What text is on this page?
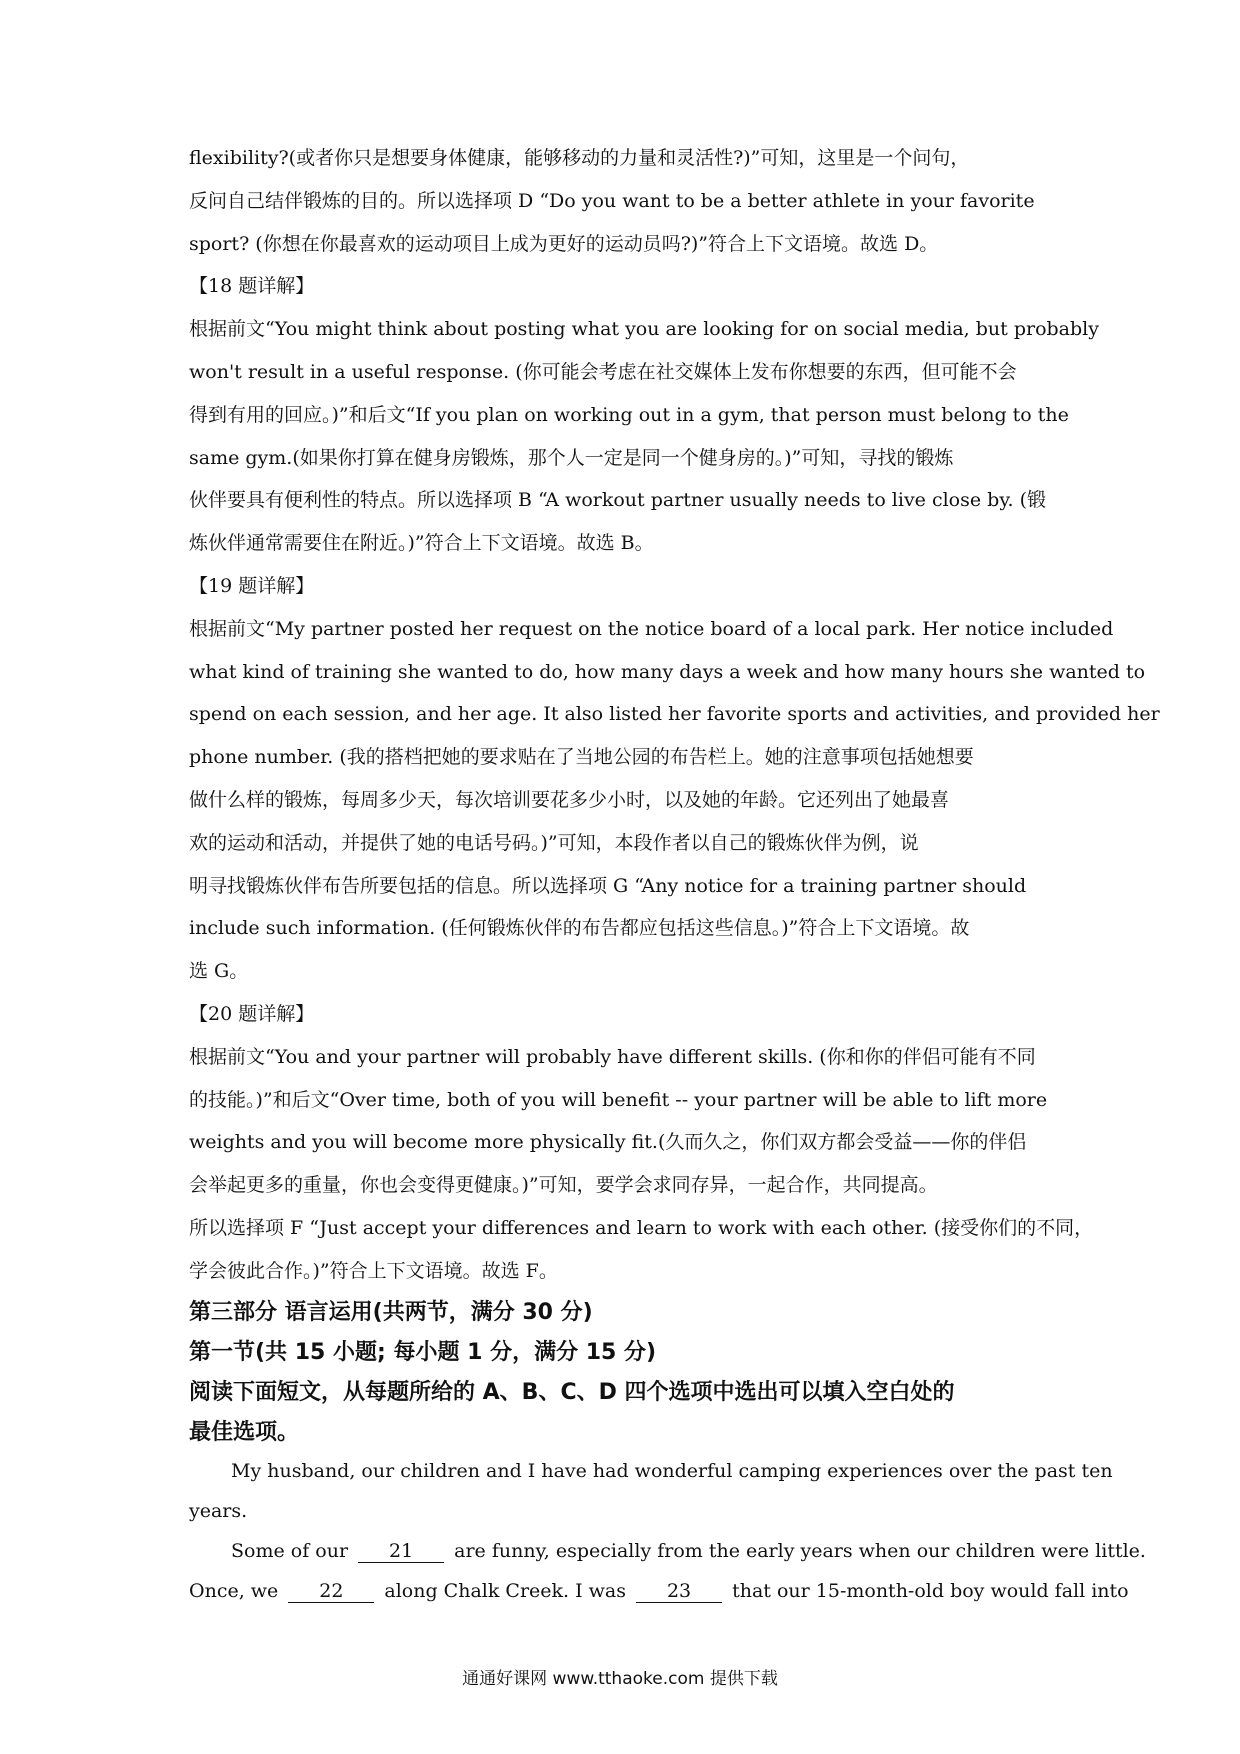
flexibility?(或者你只是想要身体健康，能够移动的力量和灵活性?)”可知，这里是一个问句，
反问自己结伴锻炼的目的。所以选择项 D “Do you want to be a better athlete in your favorite
sport? (你想在你最喜欢的运动项目上成为更好的运动员吗?)”符合上下文语境。故选 D。
【18 题详解】
根据前文“You might think about posting what you are looking for on social media, but probably
won't result in a useful response. (你可能会考虑在社交媒体上发布你想要的东西，但可能不会
得到有用的回应。)”和后文“If you plan on working out in a gym, that person must belong to the
same gym.(如果你打算在健身房锻炼，那个人一定是同一个健身房的。)”可知，寻找的锻炼
伙伴要具有便利性的特点。所以选择项 B “A workout partner usually needs to live close by. (锻
炼伙伴通常需要住在附近。)”符合上下文语境。故选 B。
【19 题详解】
根据前文“My partner posted her request on the notice board of a local park. Her notice included
what kind of training she wanted to do, how many days a week and how many hours she wanted to
spend on each session, and her age. It also listed her favorite sports and activities, and provided her
phone number. (我的搭档把她的要求贴在了当地公园的布告栏上。她的注意事项包括她想要
做什么样的锻炼，每周多少天，每次培训要花多少小时，以及她的年龄。它还列出了她最喜
欢的运动和活动，并提供了她的电话号码。)”可知，本段作者以自己的锻炼伙伴为例，说
明寻找锻炼伙伴布告所要包括的信息。所以选择项 G “Any notice for a training partner should
include such information. (任何锻炼伙伴的布告都应包括这些信息。)”符合上下文语境。故
选 G。
【20 题详解】
根据前文“You and your partner will probably have different skills. (你和你的伴侣可能有不同
的技能。)”和后文“Over time, both of you will benefit -- your partner will be able to lift more
weights and you will become more physically fit.(久而久之，你们双方都会受益——你的伴侣
会举起更多的重量，你也会变得更健康。)”可知，要学会求同存异，一起合作，共同提高。
所以选择项 F “Just accept your differences and learn to work with each other. (接受你们的不同，
学会彼此合作。)”符合上下文语境。故选 F。
第三部分 语言运用(共两节，满分 30 分)
第一节(共 15 小题; 每小题 1 分，满分 15 分)
阅读下面短文，从每题所给的 A、B、C、D 四个选项中选出可以填入空白处的
最佳选项。
My husband, our children and I have had wonderful camping experiences over the past ten
years.
Some of our 21 are funny, especially from the early years when our children were little.
Once, we 22 along Chalk Creek. I was 23 that our 15-month-old boy would fall into
通通好课网 www.tthaoke.com 提供下载
